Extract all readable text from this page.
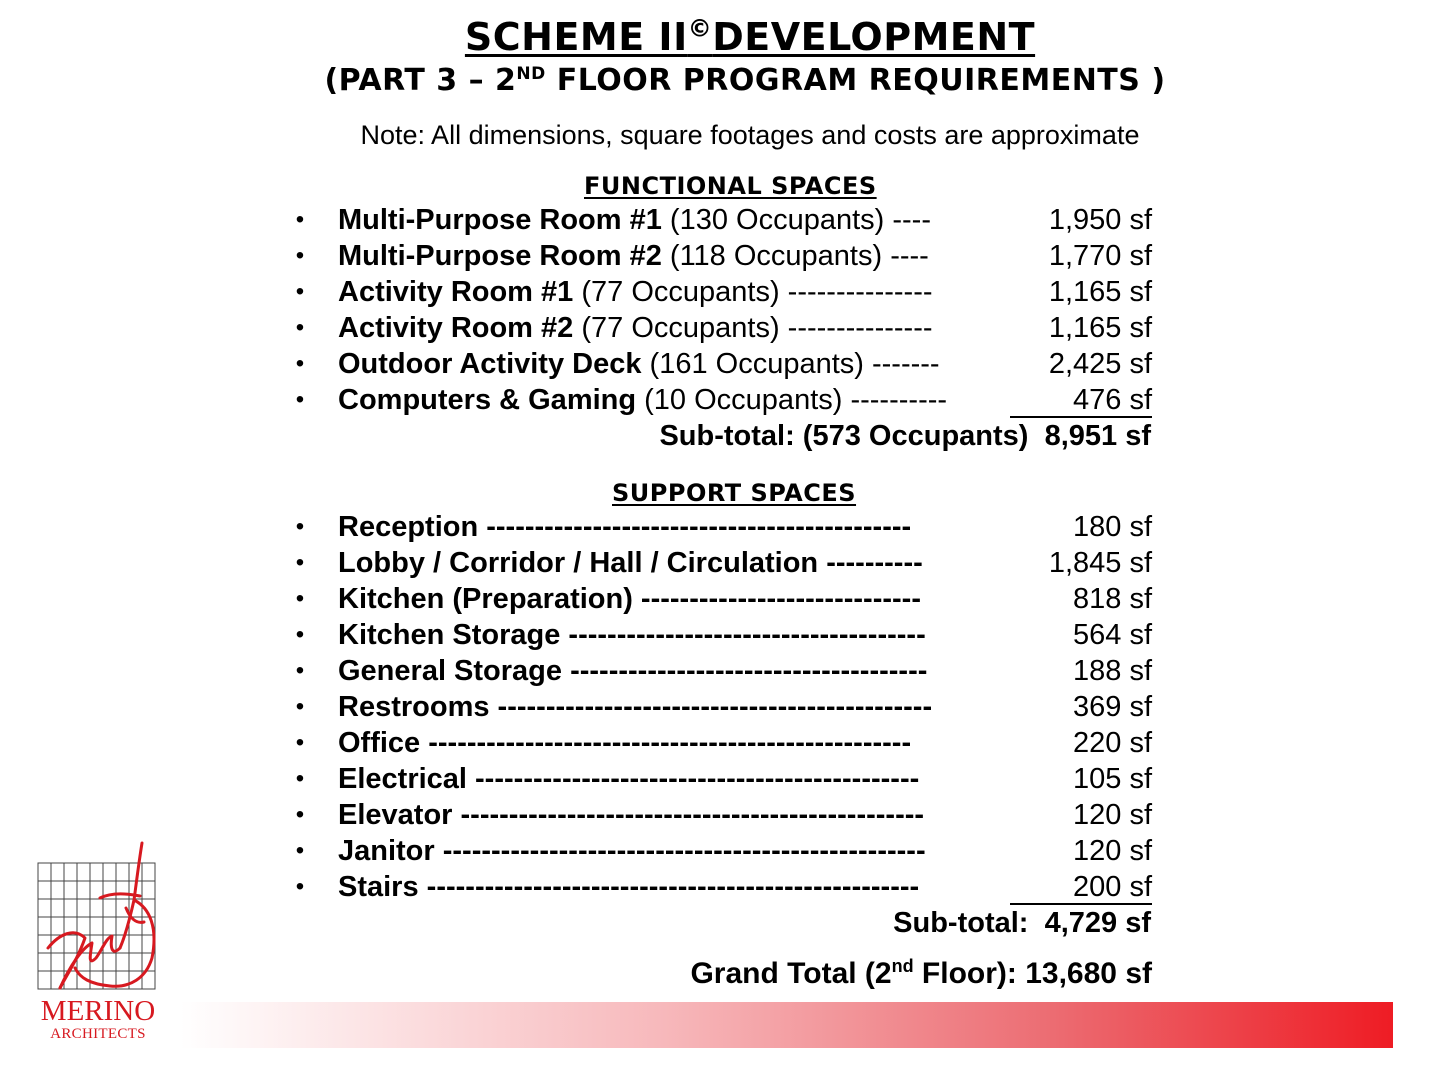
SCHEME II©DEVELOPMENT
(PART 3 – 2ND FLOOR PROGRAM REQUIREMENTS )
Note: All dimensions, square footages and costs are approximate
FUNCTIONAL SPACES
• Multi-Purpose Room #1 (130 Occupants) ----	1,950 sf
• Multi-Purpose Room #2 (118 Occupants) ----	1,770 sf
• Activity Room #1 (77 Occupants) ---------------	1,165 sf
• Activity Room #2 (77 Occupants) ---------------	1,165 sf
• Outdoor Activity Deck (161 Occupants) -------	2,425 sf
• Computers & Gaming (10 Occupants) ----------	476 sf
Sub-total: (573 Occupants) 8,951 sf
SUPPORT SPACES
• Reception --------------------------------------------	180 sf
• Lobby / Corridor / Hall / Circulation ----------	1,845 sf
• Kitchen (Preparation) -----------------------------	818 sf
• Kitchen Storage -------------------------------------	564 sf
• General Storage -------------------------------------	188 sf
• Restrooms ---------------------------------------------	369 sf
• Office --------------------------------------------------	220 sf
• Electrical ----------------------------------------------	105 sf
• Elevator ------------------------------------------------	120 sf
• Janitor --------------------------------------------------	120 sf
• Stairs ---------------------------------------------------	200 sf
Sub-total: 4,729 sf
Grand Total (2nd Floor): 13,680 sf
MERINO
ARCHITECTS
